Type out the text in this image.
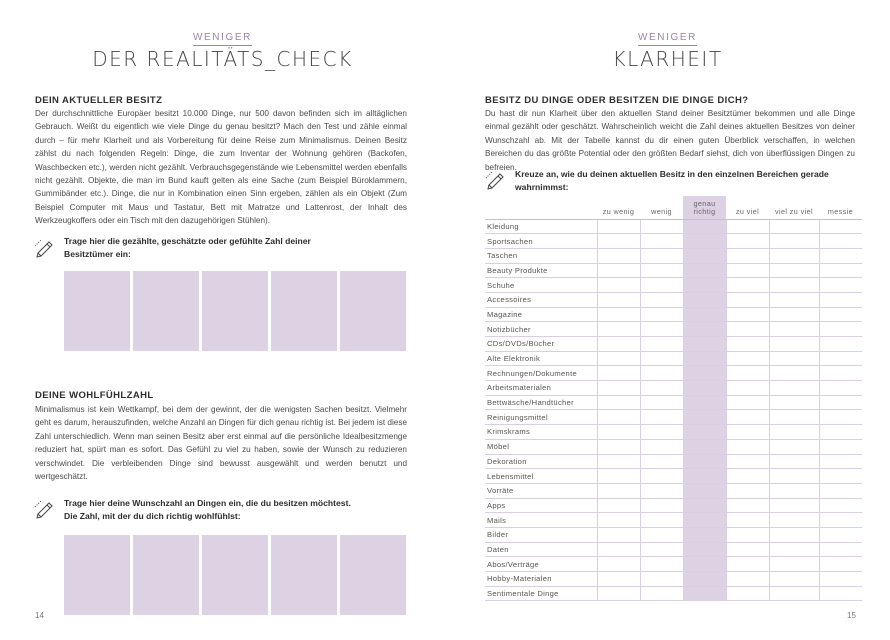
WENIGER
DER REALITÄTS_CHECK
DEIN AKTUELLER BESITZ
Der durchschnittliche Europäer besitzt 10.000 Dinge, nur 500 davon befinden sich im alltäglichen Gebrauch. Weißt du eigentlich wie viele Dinge du genau besitzt? Mach den Test und zähle einmal durch – für mehr Klarheit und als Vorbereitung für deine Reise zum Minimalismus. Deinen Besitz zählst du nach folgenden Regeln: Dinge, die zum Inventar der Wohnung gehören (Backofen, Waschbecken etc.), werden nicht gezählt. Verbrauchsgegenstände wie Lebensmittel werden ebenfalls nicht gezählt. Objekte, die man im Bund kauft gelten als eine Sache (zum Beispiel Büroklammern, Gummibänder etc.). Dinge, die nur in Kombination einen Sinn ergeben, zählen als ein Objekt (Zum Beispiel Computer mit Maus und Tastatur, Bett mit Matratze und Lattenrost, der Inhalt des Werkzeugkoffers oder ein Tisch mit den dazugehörigen Stühlen).
Trage hier die gezählte, geschätzte oder gefühlte Zahl deiner
Besitztümer ein:
DEINE WOHLFÜHLZAHL
Minimalismus ist kein Wettkampf, bei dem der gewinnt, der die wenigsten Sachen besitzt. Vielmehr geht es darum, herauszufinden, welche Anzahl an Dingen für dich genau richtig ist. Bei jedem ist diese Zahl unterschiedlich. Wenn man seinen Besitz aber erst einmal auf die persönliche Idealbesitzmenge reduziert hat, spürt man es sofort. Das Gefühl zu viel zu haben, sowie der Wunsch zu reduzieren verschwindet. Die verbleibenden Dinge sind bewusst ausgewählt und werden benutzt und wertgeschätzt.
Trage hier deine Wunschzahl an Dingen ein, die du besitzen möchtest.
Die Zahl, mit der du dich richtig wohlfühlst:
14
WENIGER
KLARHEIT
BESITZ DU DINGE ODER BESITZEN DIE DINGE DICH?
Du hast dir nun Klarheit über den aktuellen Stand deiner Besitztümer bekommen und alle Dinge einmal gezählt oder geschätzt. Wahrscheinlich weicht die Zahl deines aktuellen Besitzes von deiner Wunschzahl ab. Mit der Tabelle kannst du dir einen guten Überblick verschaffen, in welchen Bereichen du das größte Potential oder den größten Bedarf siehst, dich von überflüssigen Dingen zu befreien.
Kreuze an, wie du deinen aktuellen Besitz in den einzelnen Bereichen gerade
wahrnimmst:
	zu wenig	wenig	genau richtig	zu viel	viel zu viel	messie
Kleidung						
Sportsachen						
Taschen						
Beauty Produkte						
Schuhe						
Accessoires						
Magazine						
Notizbücher						
CDs/DVDs/Bücher						
Alte Elektronik						
Rechnungen/Dokumente						
Arbeitsmaterialen						
Bettwäsche/Handtücher						
Reinigungsmittel						
Krimskrams						
Möbel						
Dekoration						
Lebensmittel						
Vorräte						
Apps						
Mails						
Bilder						
Daten						
Abos/Verträge						
Hobby-Materialen						
Sentimentale Dinge						
15
